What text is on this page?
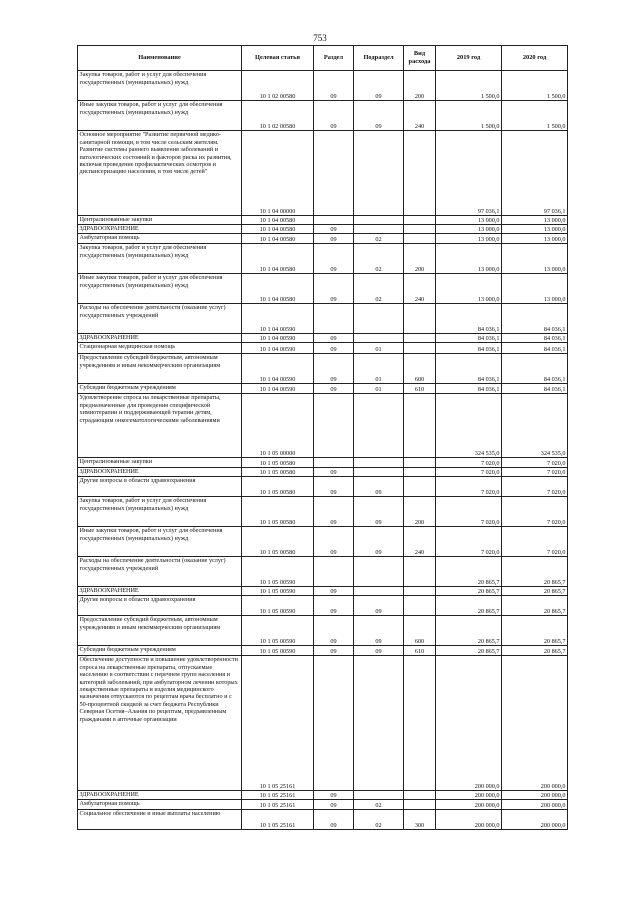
753
Наименование	Целевая статья	Раздел	Подраздел	Вид расхода	2019 год	2020 год
Закупка товаров, работ и услуг для обеспечения государственных (муниципальных) нужд	10 1 02 00580	09	09	200	1 500,0	1 500,0
Иные закупки товаров, работ и услуг для обеспечения государственных (муниципальных) нужд	10 1 02 00580	09	09	240	1 500,0	1 500,0
Основное мероприятие "Развитие первичной медико-санитарной помощи, в том числе сельским жителям. Развитие системы раннего выявления заболеваний и патологических состояний и факторов риска их развития, включая проведение профилактических осмотров и диспансеризацию населения, в том числе детей"	10 1 04 00000				97 036,1	97 036,1
Централизованные закупки	10 1 04 00580				13 000,0	13 000,0
ЗДРАВООХРАНЕНИЕ	10 1 04 00580	09			13 000,0	13 000,0
Амбулаторная помощь	10 1 04 00580	09	02		13 000,0	13 000,0
Закупка товаров, работ и услуг для обеспечения государственных (муниципальных) нужд	10 1 04 00580	09	02	200	13 000,0	13 000,0
Иные закупки товаров, работ и услуг для обеспечения государственных (муниципальных) нужд	10 1 04 00580	09	02	240	13 000,0	13 000,0
Расходы на обеспечение деятельности (оказание услуг) государственных учреждений	10 1 04 00590				84 036,1	84 036,1
ЗДРАВООХРАНЕНИЕ	10 1 04 00590	09			84 036,1	84 036,1
Стационарная медицинская помощь	10 1 04 00590	09	01		84 036,1	84 036,1
Предоставление субсидий бюджетным, автономным учреждениям и иным некоммерческим организациям	10 1 04 00590	09	01	600	84 036,1	84 036,1
Субсидии бюджетным учреждениям	10 1 04 00590	09	01	610	84 036,1	84 036,1
Удовлетворение спроса на лекарственные препараты, предназначенные для проведения специфической химиотерапии и поддерживающей терапии детям, страдающим онкогематологическими заболеваниями	10 1 05 00000				324 535,0	324 535,0
Централизованные закупки	10 1 05 00580				7 020,0	7 020,0
ЗДРАВООХРАНЕНИЕ	10 1 05 00580	09			7 020,0	7 020,0
Другие вопросы в области здравоохранения	10 1 05 00580	09	09		7 020,0	7 020,0
Закупка товаров, работ и услуг для обеспечения государственных (муниципальных) нужд	10 1 05 00580	09	09	200	7 020,0	7 020,0
Иные закупки товаров, работ и услуг для обеспечения государственных (муниципальных) нужд	10 1 05 00580	09	09	240	7 020,0	7 020,0
Расходы на обеспечение деятельности (оказание услуг) государственных учреждений	10 1 05 00590				20 865,7	20 865,7
ЗДРАВООХРАНЕНИЕ	10 1 05 00590	09			20 865,7	20 865,7
Другие вопросы в области здравоохранения	10 1 05 00590	09	09		20 865,7	20 865,7
Предоставление субсидий бюджетным, автономным учреждениям и иным некоммерческим организациям	10 1 05 00590	09	09	600	20 865,7	20 865,7
Субсидии бюджетным учреждениям	10 1 05 00590	09	09	610	20 865,7	20 865,7
Обеспечение доступности и повышение удовлетворенности спроса на лекарственные препараты, отпускаемые населению в соответствии с перечнем групп населения и категорий заболеваний, при амбулаторном лечении которых лекарственные препараты и изделия медицинского назначения отпускаются по рецептам врача бесплатно и с 50-процентной скидкой за счет бюджета Республики Северная Осетия–Алания по рецептам, предъявленным гражданами в аптечные организации	10 1 05 25161				200 000,0	200 000,0
ЗДРАВООХРАНЕНИЕ	10 1 05 25161	09			200 000,0	200 000,0
Амбулаторная помощь	10 1 05 25161	09	02		200 000,0	200 000,0
Социальное обеспечение и иные выплаты населению	10 1 05 25161	09	02	300	200 000,0	200 000,0
